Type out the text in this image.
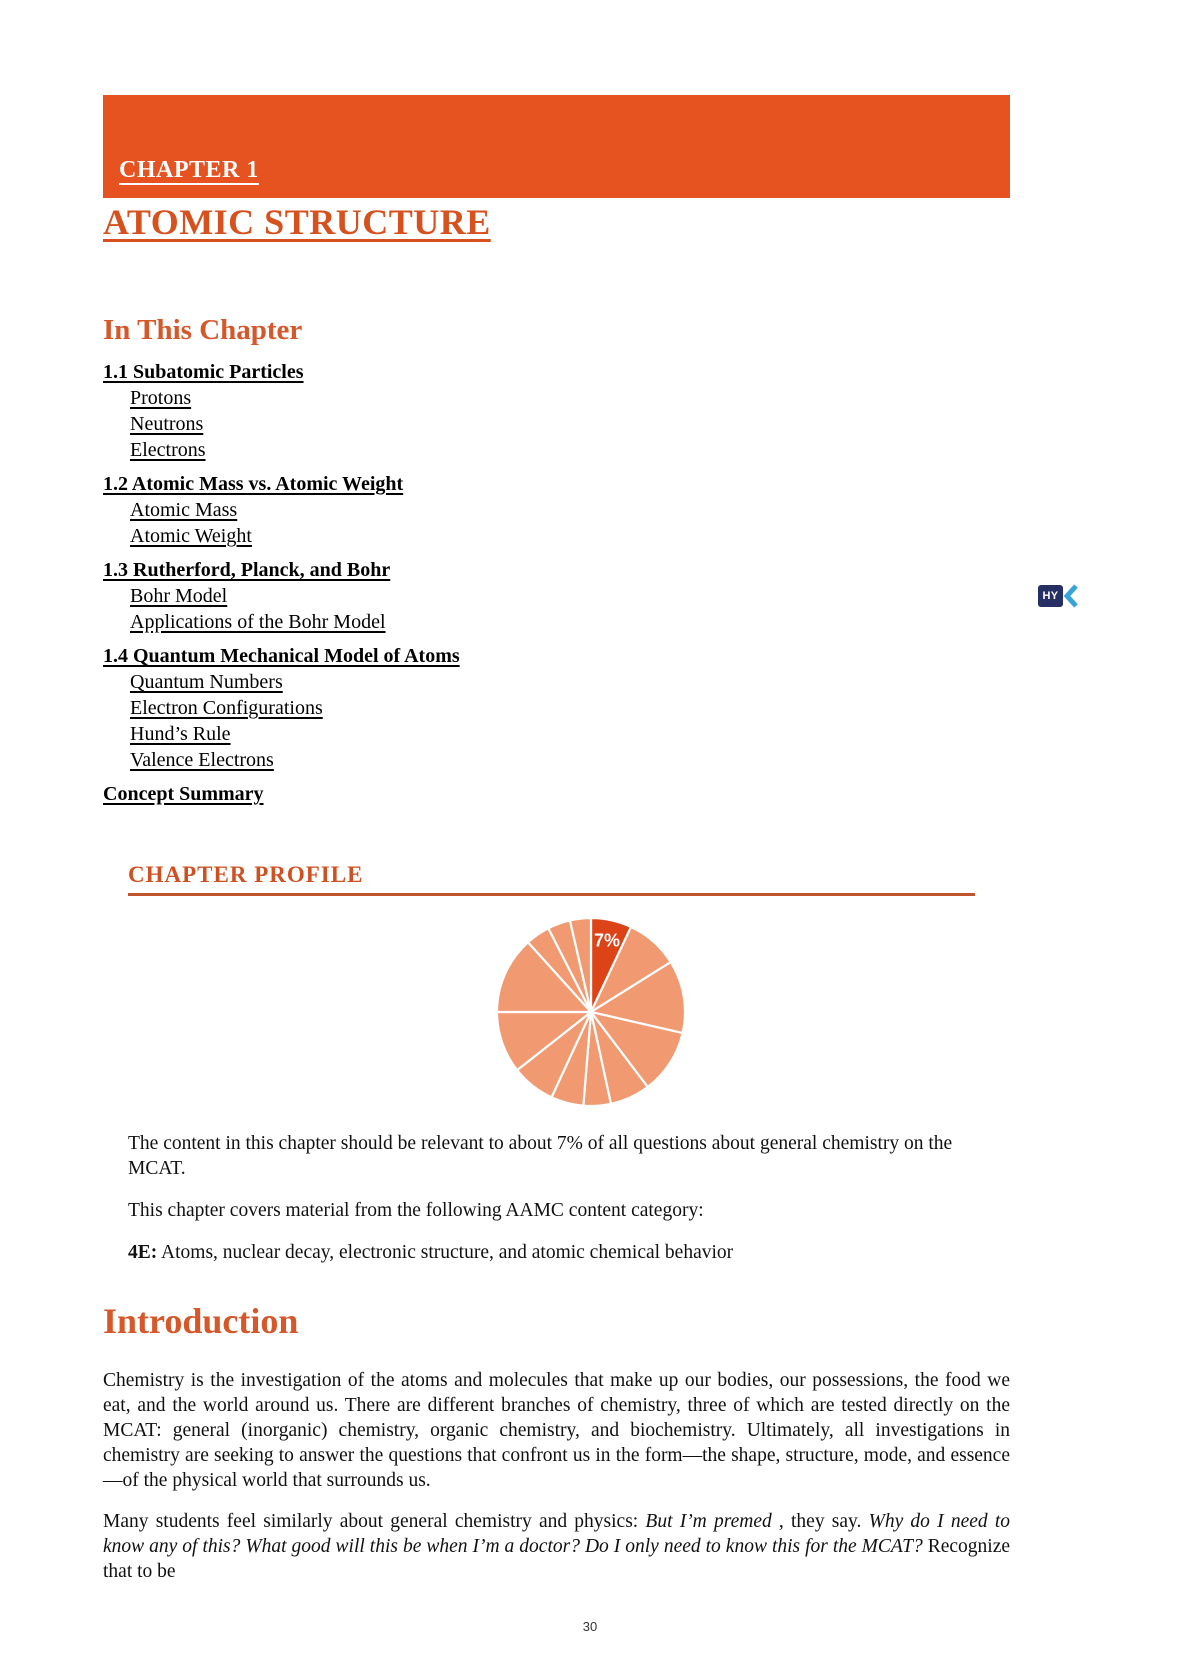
CHAPTER 1
ATOMIC STRUCTURE
In This Chapter
1.1 Subatomic Particles
Protons
Neutrons
Electrons
1.2 Atomic Mass vs. Atomic Weight
Atomic Mass
Atomic Weight
1.3 Rutherford, Planck, and Bohr
Bohr Model
Applications of the Bohr Model
1.4 Quantum Mechanical Model of Atoms
Quantum Numbers
Electron Configurations
Hund’s Rule
Valence Electrons
Concept Summary
HY
CHAPTER PROFILE
7%

The content in this chapter should be relevant to about 7% of all questions about general chemistry on the MCAT.

This chapter covers material from the following AAMC content category:

4E: Atoms, nuclear decay, electronic structure, and atomic chemical behavior

Introduction

Chemistry is the investigation of the atoms and molecules that make up our bodies, our possessions, the food we eat, and the world around us. There are different branches of chemistry, three of which are tested directly on the MCAT: general (inorganic) chemistry, organic chemistry, and biochemistry. Ultimately, all investigations in chemistry are seeking to answer the questions that confront us in the form—the shape, structure, mode, and essence—of the physical world that surrounds us.

Many students feel similarly about general chemistry and physics: But I’m premed , they say. Why do I need to know any of this? What good will this be when I’m a doctor? Do I only need to know this for the MCAT? Recognize that to be

30
